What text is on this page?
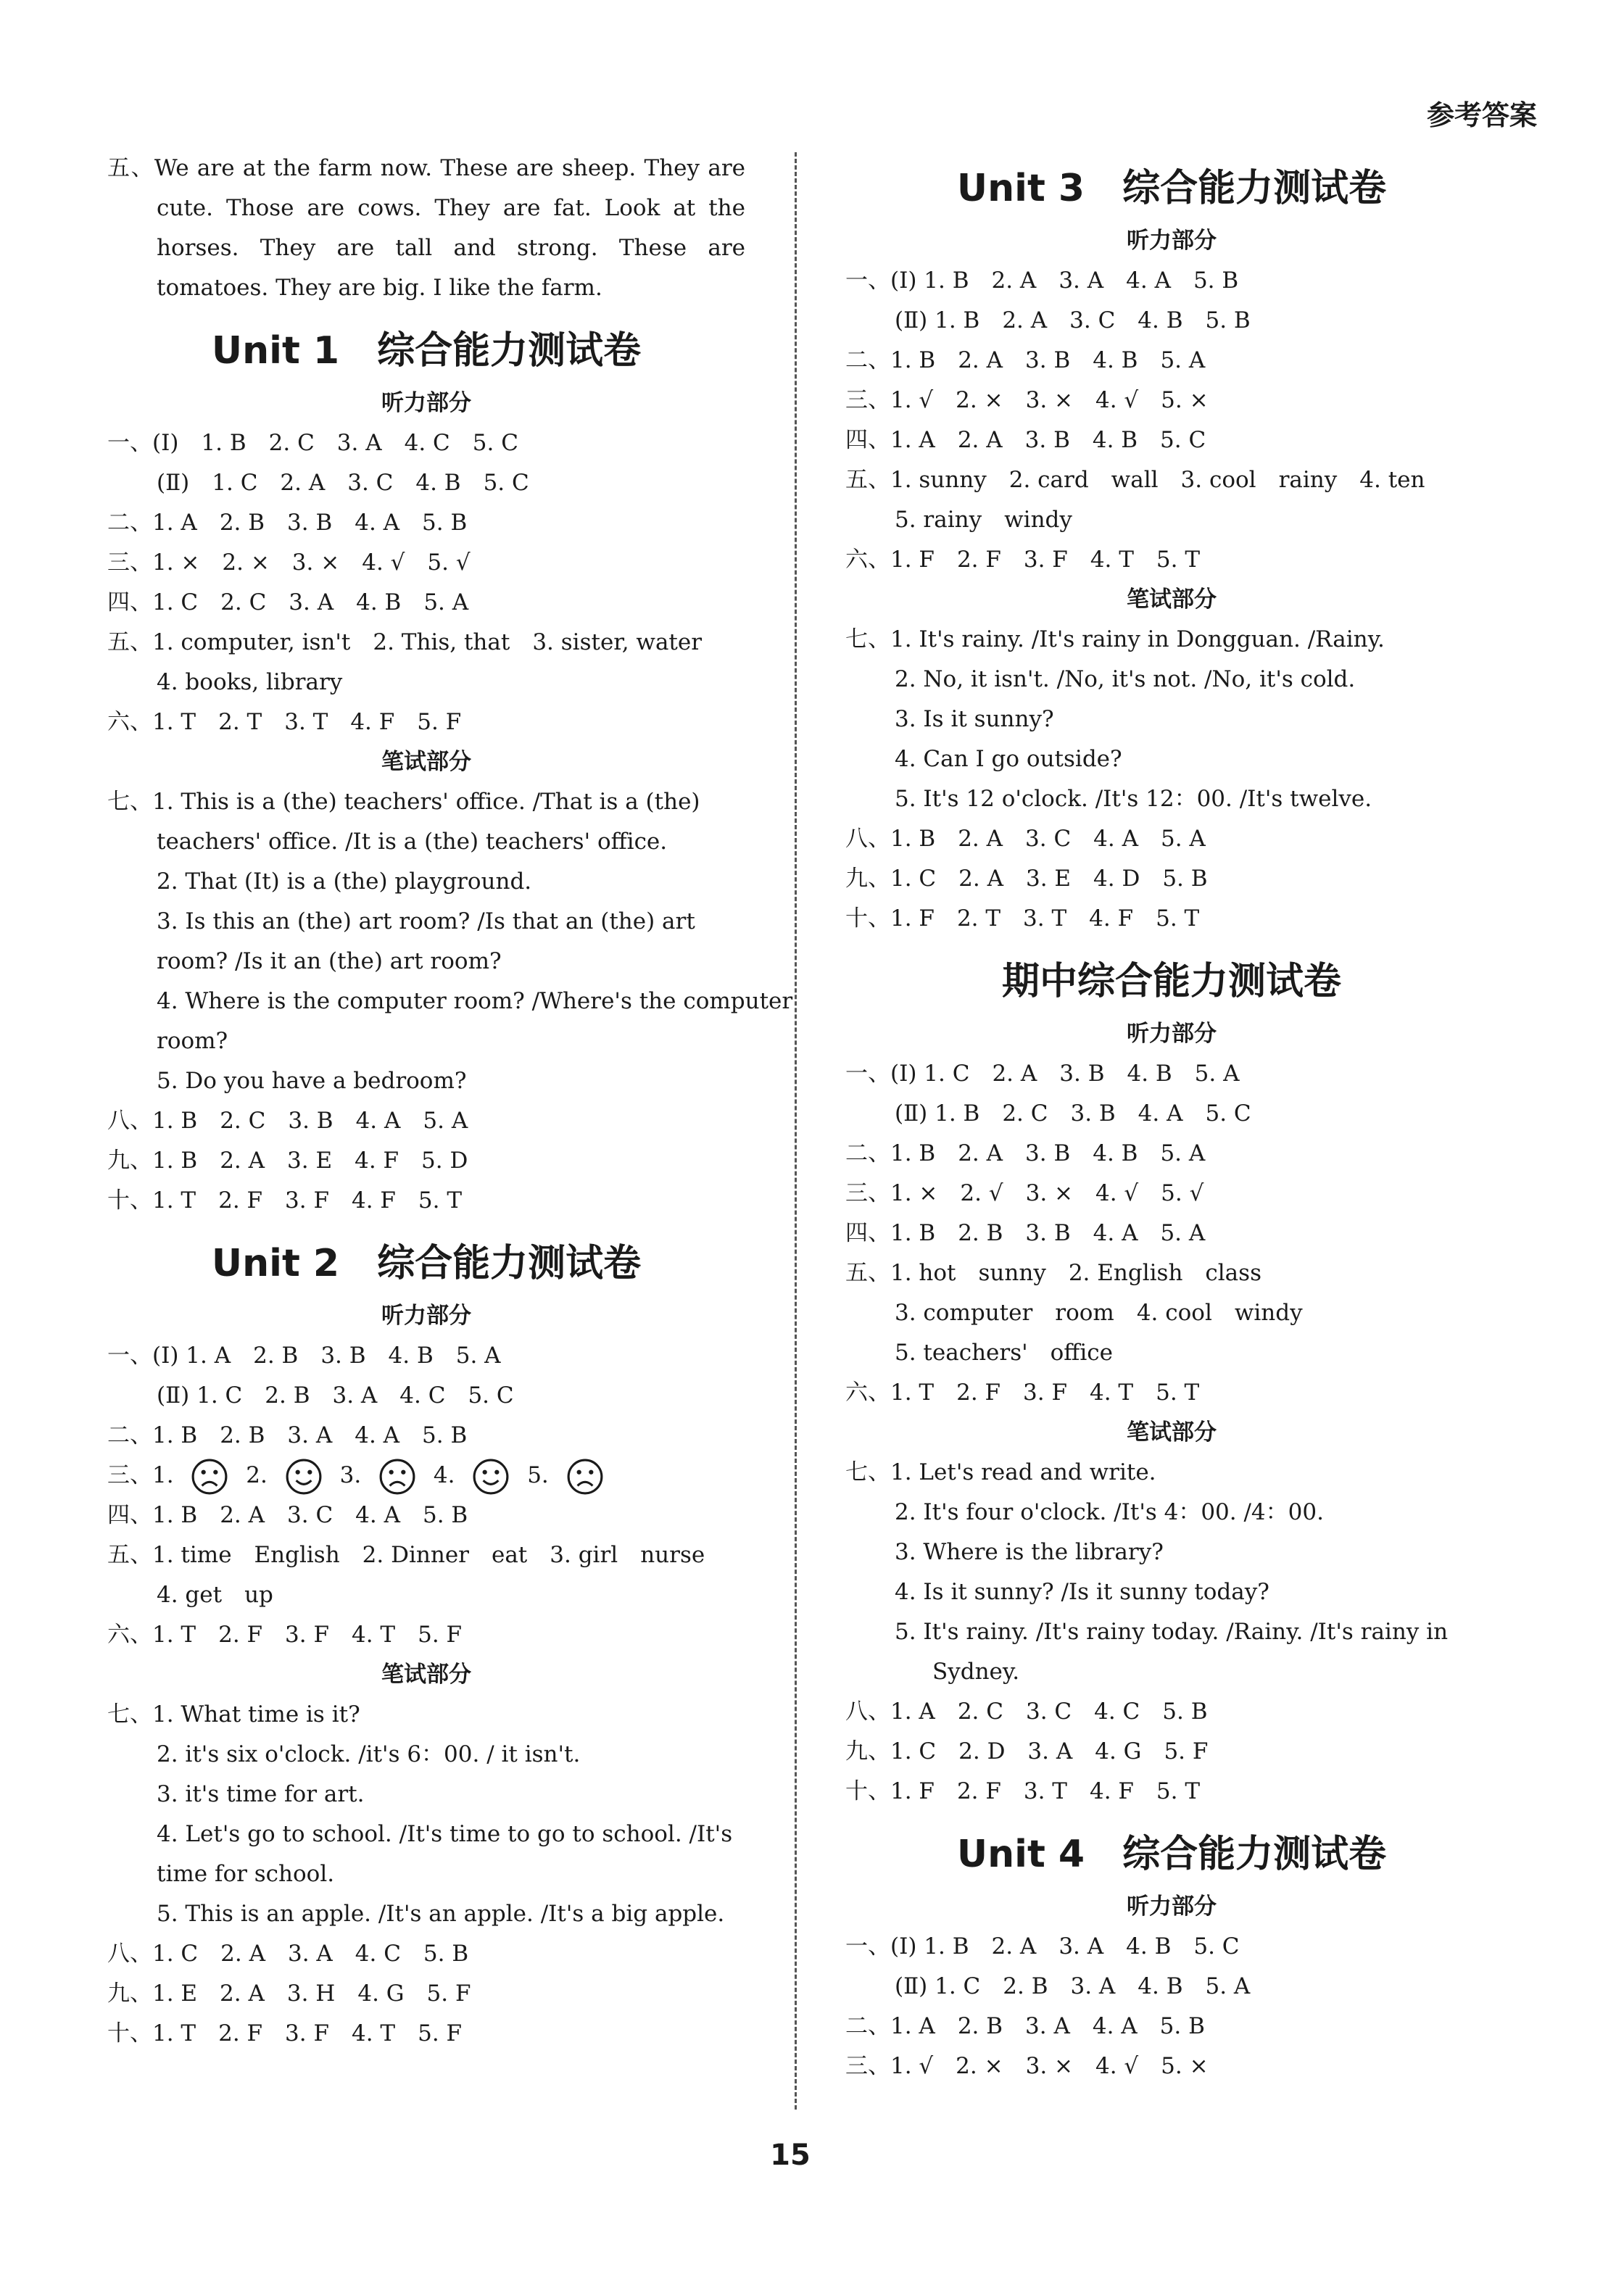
参考答案
五、We are at the farm now. These are sheep. They are cute. Those are cows. They are fat. Look at the horses. They are tall and strong. These are tomatoes. They are big. I like the farm.
Unit 1　综合能力测试卷
听力部分
一、(Ⅰ)　1. B　2. C　3. A　4. C　5. C
(Ⅱ)　1. C　2. A　3. C　4. B　5. C
二、1. A　2. B　3. B　4. A　5. B
三、1. ×　2. ×　3. ×　4. √　5. √
四、1. C　2. C　3. A　4. B　5. A
五、1. computer, isn't　2. This, that　3. sister, water
4. books, library
六、1. T　2. T　3. T　4. F　5. F
笔试部分
七、1. This is a (the) teachers' office. /That is a (the)
teachers' office. /It is a (the) teachers' office.
2. That (It) is a (the) playground.
3. Is this an (the) art room? /Is that an (the) art
room? /Is it an (the) art room?
4. Where is the computer room? /Where's the computer
room?
5. Do you have a bedroom?
八、1. B　2. C　3. B　4. A　5. A
九、1. B　2. A　3. E　4. F　5. D
十、1. T　2. F　3. F　4. F　5. T
Unit 2　综合能力测试卷
听力部分
一、(Ⅰ) 1. A　2. B　3. B　4. B　5. A
(Ⅱ) 1. C　2. B　3. A　4. C　5. C
二、1. B　2. B　3. A　4. A　5. B
三、1.	2.	3.	4.	5.
四、1. B　2. A　3. C　4. A　5. B
五、1. time　English　2. Dinner　eat　3. girl　nurse
4. get　up
六、1. T　2. F　3. F　4. T　5. F
笔试部分
七、1. What time is it?
2. it's six o'clock. /it's 6：00. / it isn't.
3. it's time for art.
4. Let's go to school. /It's time to go to school. /It's
time for school.
5. This is an apple. /It's an apple. /It's a big apple.
八、1. C　2. A　3. A　4. C　5. B
九、1. E　2. A　3. H　4. G　5. F
十、1. T　2. F　3. F　4. T　5. F
Unit 3　综合能力测试卷
听力部分
一、(Ⅰ) 1. B　2. A　3. A　4. A　5. B
(Ⅱ) 1. B　2. A　3. C　4. B　5. B
二、1. B　2. A　3. B　4. B　5. A
三、1. √　2. ×　3. ×　4. √　5. ×
四、1. A　2. A　3. B　4. B　5. C
五、1. sunny　2. card　wall　3. cool　rainy　4. ten
5. rainy　windy
六、1. F　2. F　3. F　4. T　5. T
笔试部分
七、1. It's rainy. /It's rainy in Dongguan. /Rainy.
2. No, it isn't. /No, it's not. /No, it's cold.
3. Is it sunny?
4. Can I go outside?
5. It's 12 o'clock. /It's 12：00. /It's twelve.
八、1. B　2. A　3. C　4. A　5. A
九、1. C　2. A　3. E　4. D　5. B
十、1. F　2. T　3. T　4. F　5. T
期中综合能力测试卷
听力部分
一、(Ⅰ) 1. C　2. A　3. B　4. B　5. A
(Ⅱ) 1. B　2. C　3. B　4. A　5. C
二、1. B　2. A　3. B　4. B　5. A
三、1. ×　2. √　3. ×　4. √　5. √
四、1. B　2. B　3. B　4. A　5. A
五、1. hot　sunny　2. English　class
3. computer　room　4. cool　windy
5. teachers'　office
六、1. T　2. F　3. F　4. T　5. T
笔试部分
七、1. Let's read and write.
2. It's four o'clock. /It's 4：00. /4：00.
3. Where is the library?
4. Is it sunny? /Is it sunny today?
5. It's rainy. /It's rainy today. /Rainy. /It's rainy in
Sydney.
八、1. A　2. C　3. C　4. C　5. B
九、1. C　2. D　3. A　4. G　5. F
十、1. F　2. F　3. T　4. F　5. T
Unit 4　综合能力测试卷
听力部分
一、(Ⅰ) 1. B　2. A　3. A　4. B　5. C
(Ⅱ) 1. C　2. B　3. A　4. B　5. A
二、1. A　2. B　3. A　4. A　5. B
三、1. √　2. ×　3. ×　4. √　5. ×
15
